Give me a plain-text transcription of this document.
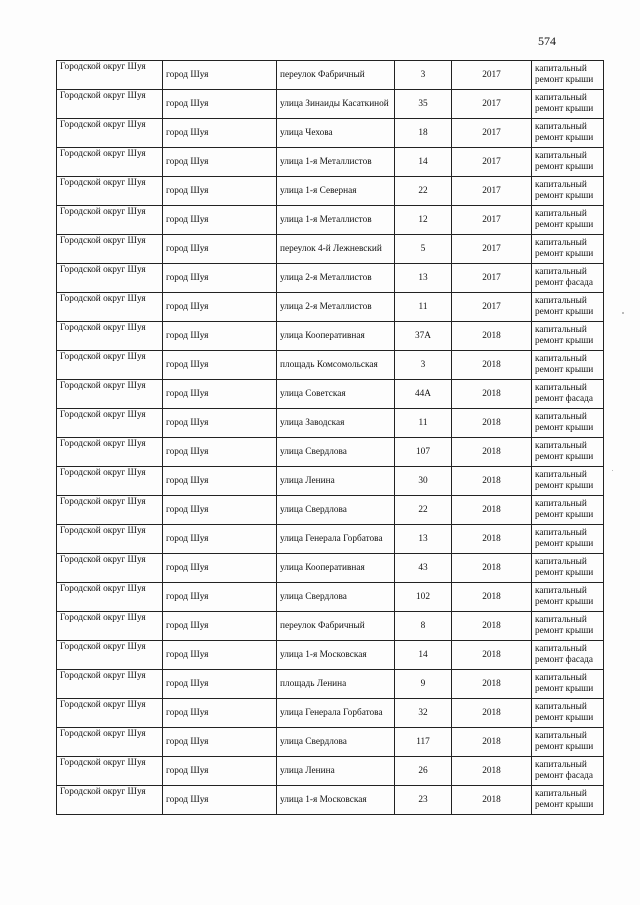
574
Городской округ Шуя	город Шуя	переулок Фабричный	3	2017	капитальный ремонт крыши
Городской округ Шуя	город Шуя	улица Зинаиды Касаткиной	35	2017	капитальный ремонт крыши
Городской округ Шуя	город Шуя	улица Чехова	18	2017	капитальный ремонт крыши
Городской округ Шуя	город Шуя	улица 1-я Металлистов	14	2017	капитальный ремонт крыши
Городской округ Шуя	город Шуя	улица 1-я Северная	22	2017	капитальный ремонт крыши
Городской округ Шуя	город Шуя	улица 1-я Металлистов	12	2017	капитальный ремонт крыши
Городской округ Шуя	город Шуя	переулок 4-й Лежневский	5	2017	капитальный ремонт крыши
Городской округ Шуя	город Шуя	улица 2-я Металлистов	13	2017	капитальный ремонт фасада
Городской округ Шуя	город Шуя	улица 2-я Металлистов	11	2017	капитальный ремонт крыши
Городской округ Шуя	город Шуя	улица Кооперативная	37А	2018	капитальный ремонт крыши
Городской округ Шуя	город Шуя	площадь Комсомольская	3	2018	капитальный ремонт крыши
Городской округ Шуя	город Шуя	улица Советская	44А	2018	капитальный ремонт фасада
Городской округ Шуя	город Шуя	улица Заводская	11	2018	капитальный ремонт крыши
Городской округ Шуя	город Шуя	улица Свердлова	107	2018	капитальный ремонт крыши
Городской округ Шуя	город Шуя	улица Ленина	30	2018	капитальный ремонт крыши
Городской округ Шуя	город Шуя	улица Свердлова	22	2018	капитальный ремонт крыши
Городской округ Шуя	город Шуя	улица Генерала Горбатова	13	2018	капитальный ремонт крыши
Городской округ Шуя	город Шуя	улица Кооперативная	43	2018	капитальный ремонт крыши
Городской округ Шуя	город Шуя	улица Свердлова	102	2018	капитальный ремонт крыши
Городской округ Шуя	город Шуя	переулок Фабричный	8	2018	капитальный ремонт крыши
Городской округ Шуя	город Шуя	улица 1-я Московская	14	2018	капитальный ремонт фасада
Городской округ Шуя	город Шуя	площадь Ленина	9	2018	капитальный ремонт крыши
Городской округ Шуя	город Шуя	улица Генерала Горбатова	32	2018	капитальный ремонт крыши
Городской округ Шуя	город Шуя	улица Свердлова	117	2018	капитальный ремонт крыши
Городской округ Шуя	город Шуя	улица Ленина	26	2018	капитальный ремонт фасада
Городской округ Шуя	город Шуя	улица 1-я Московская	23	2018	капитальный ремонт крыши
